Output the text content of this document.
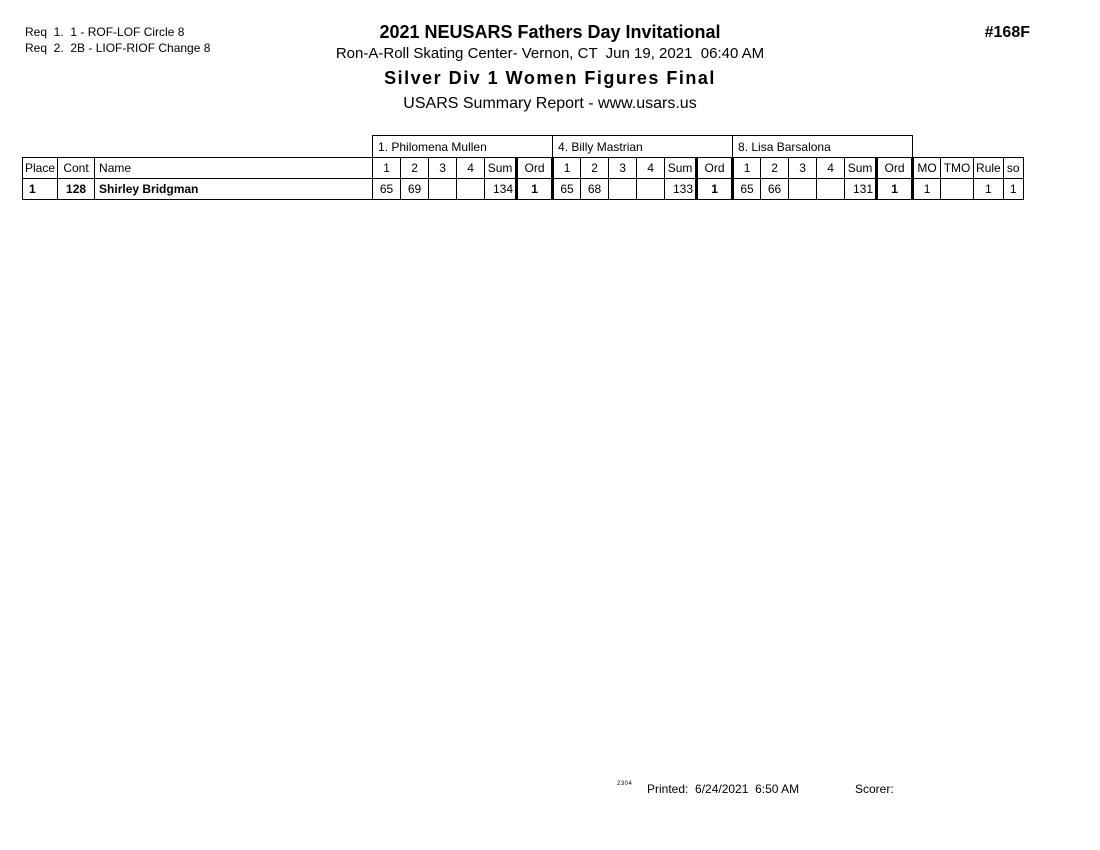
Req  1.  1 - ROF-LOF Circle 8
Req  2.  2B - LIOF-RIOF Change 8
2021 NEUSARS Fathers Day Invitational
Ron-A-Roll Skating Center- Vernon, CT  Jun 19, 2021  06:40 AM
Silver Div 1 Women Figures Final
USARS Summary Report - www.usars.us
#168F
			1. Philomena Mullen						4. Billy Mastrian						8. Lisa Barsalona									
Place	Cont	Name	1	2	3	4	Sum	Ord	1	2	3	4	Sum	Ord	1	2	3	4	Sum	Ord	MO	TMO	Rule	so
1	128	Shirley Bridgman	65	69			134	1	65	68			133	1	65	66			131	1	1		1	1
2304 Printed:  6/24/2021  6:50 AM	Scorer:
